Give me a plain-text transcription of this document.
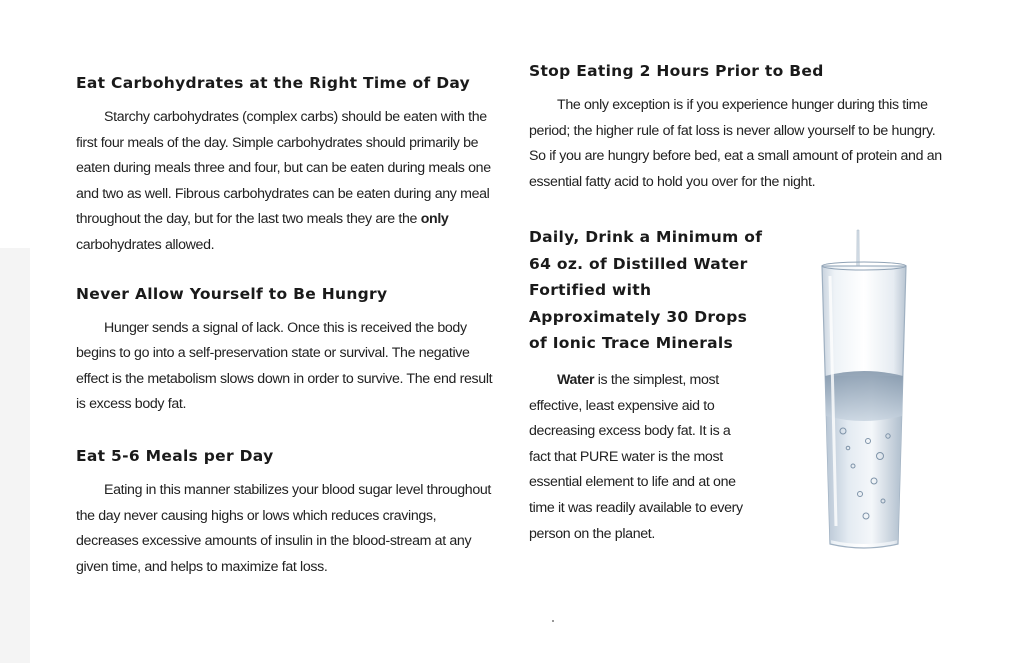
Eat Carbohydrates at the Right Time of Day

Starchy carbohydrates (complex carbs) should be eaten with the first four meals of the day. Simple carbohydrates should primarily be eaten during meals three and four, but can be eaten during meals one and two as well. Fibrous carbohydrates can be eaten during any meal throughout the day, but for the last two meals they are the only carbohydrates allowed.

Never Allow Yourself to Be Hungry

Hunger sends a signal of lack. Once this is received the body begins to go into a self-preservation state or survival. The negative effect is the metabolism slows down in order to survive. The end result is excess body fat.

Eat 5-6 Meals per Day

Eating in this manner stabilizes your blood sugar level throughout the day never causing highs or lows which reduces cravings, decreases excessive amounts of insulin in the blood-stream at any given time, and helps to maximize fat loss.

Stop Eating 2 Hours Prior to Bed

The only exception is if you experience hunger during this time period; the higher rule of fat loss is never allow yourself to be hungry. So if you are hungry before bed, eat a small amount of protein and an essential fatty acid to hold you over for the night.

Daily, Drink a Minimum of 64 oz. of Distilled Water Fortified with Approximately 30 Drops of Ionic Trace Minerals

Water is the simplest, most effective, least expensive aid to decreasing excess body fat. It is a fact that PURE water is the most essential element to life and at one time it was readily available to every person on the planet.
